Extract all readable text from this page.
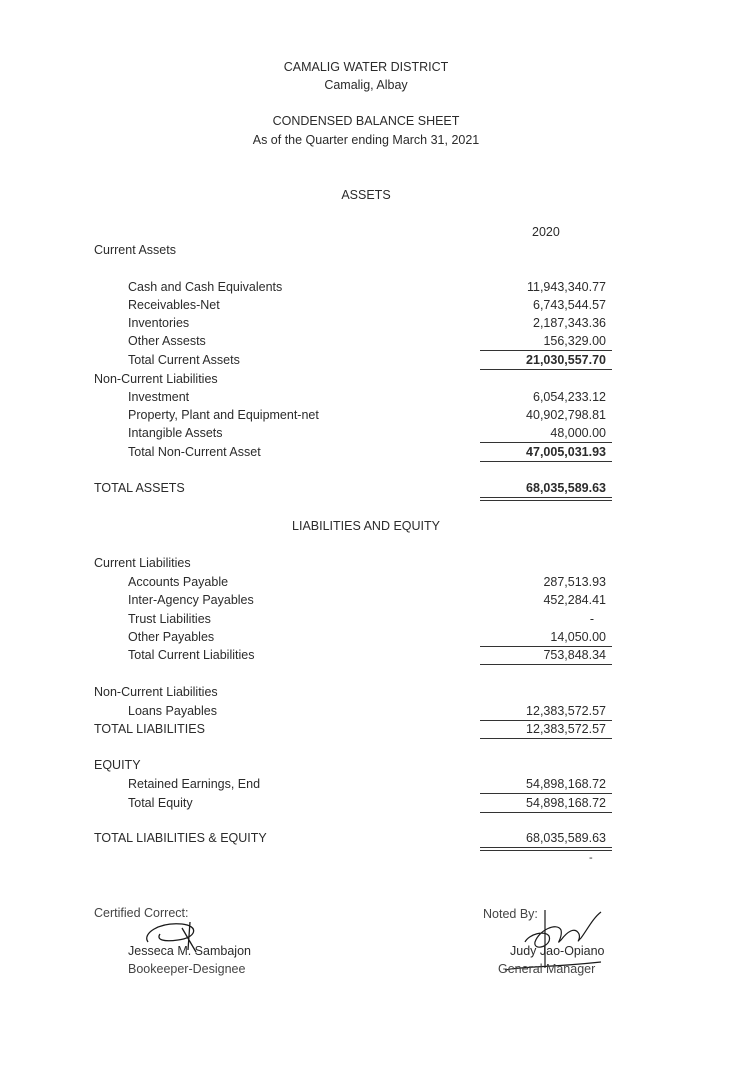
CAMALIG WATER DISTRICT
Camalig, Albay
CONDENSED BALANCE SHEET
As of the Quarter ending March 31, 2021
ASSETS
2020
Current Assets
Cash and Cash Equivalents	11,943,340.77
Receivables-Net	6,743,544.57
Inventories	2,187,343.36
Other Assests	156,329.00
Total Current Assets	21,030,557.70
Non-Current Liabilities
Investment	6,054,233.12
Property, Plant and Equipment-net	40,902,798.81
Intangible Assets	48,000.00
Total Non-Current Asset	47,005,031.93
TOTAL ASSETS	68,035,589.63
LIABILITIES AND EQUITY
Current Liabilities
Accounts Payable	287,513.93
Inter-Agency Payables	452,284.41
Trust Liabilities	-
Other Payables	14,050.00
Total Current Liabilities	753,848.34
Non-Current Liabilities
Loans Payables	12,383,572.57
TOTAL LIABILITIES	12,383,572.57
EQUITY
Retained Earnings, End	54,898,168.72
Total Equity	54,898,168.72
TOTAL LIABILITIES & EQUITY	68,035,589.63
-
Certified Correct:
Jesseca M. Sambajon
Bookeeper-Designee
Noted By:
Judy Jao-Opiano
General Manager
